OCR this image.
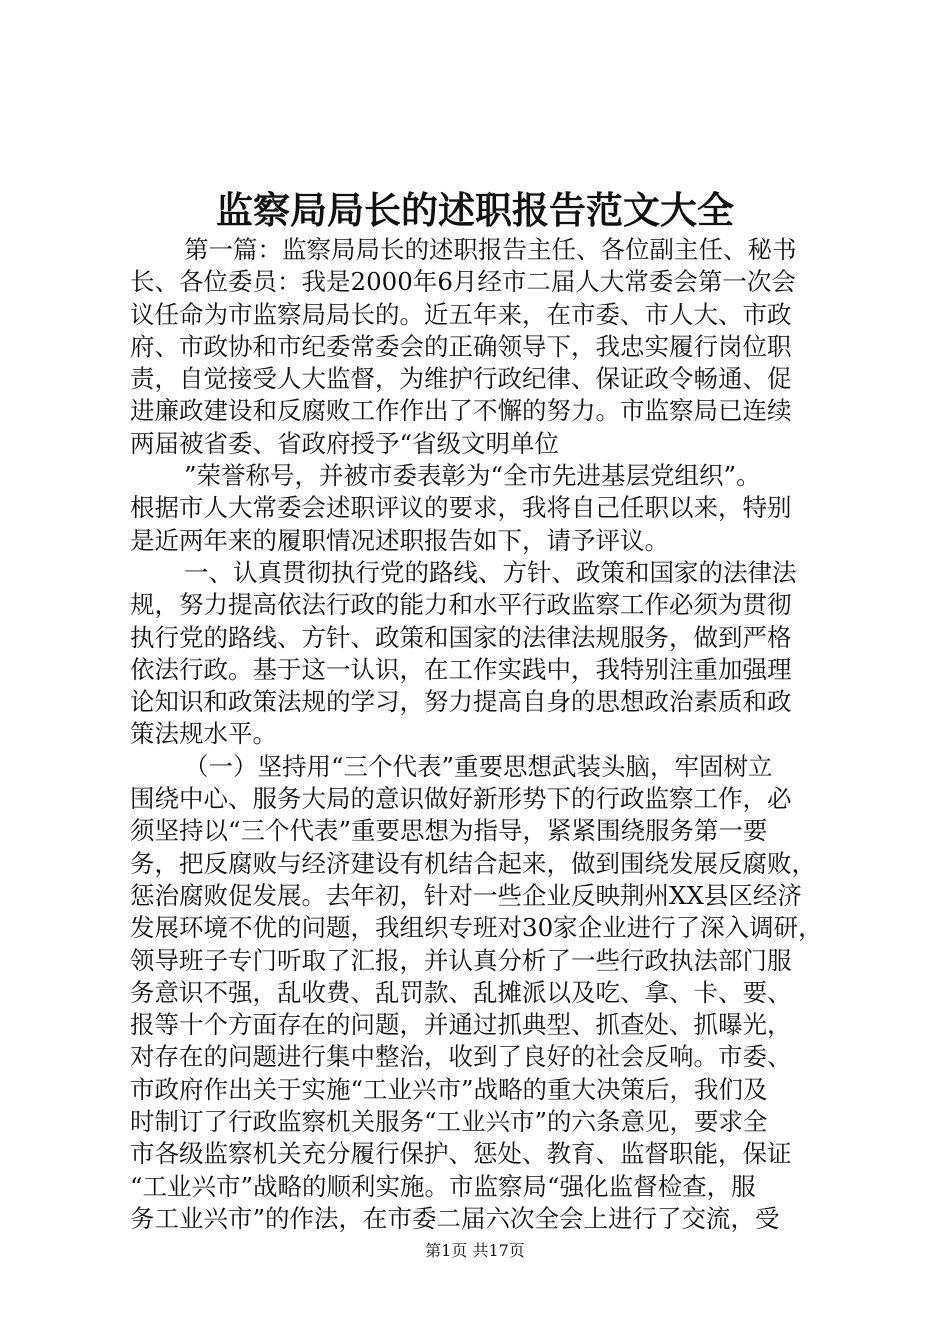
监察局局长的述职报告范文大全
第一篇：监察局局长的述职报告主任、各位副主任、秘书
长、各位委员：我是2000年6月经市二届人大常委会第一次会
议任命为市监察局局长的。近五年来，在市委、市人大、市政
府、市政协和市纪委常委会的正确领导下，我忠实履行岗位职
责，自觉接受人大监督，为维护行政纪律、保证政令畅通、促
进廉政建设和反腐败工作作出了不懈的努力。市监察局已连续
两届被省委、省政府授予“省级文明单位
”荣誉称号，并被市委表彰为“全市先进基层党组织”。
根据市人大常委会述职评议的要求，我将自己任职以来，特别
是近两年来的履职情况述职报告如下，请予评议。
一、认真贯彻执行党的路线、方针、政策和国家的法律法
规，努力提高依法行政的能力和水平行政监察工作必须为贯彻
执行党的路线、方针、政策和国家的法律法规服务，做到严格
依法行政。基于这一认识，在工作实践中，我特别注重加强理
论知识和政策法规的学习，努力提高自身的思想政治素质和政
策法规水平。
（一）坚持用“三个代表”重要思想武装头脑，牢固树立
围绕中心、服务大局的意识做好新形势下的行政监察工作，必
须坚持以“三个代表”重要思想为指导，紧紧围绕服务第一要
务，把反腐败与经济建设有机结合起来，做到围绕发展反腐败，
惩治腐败促发展。去年初，针对一些企业反映荆州XX县区经济
发展环境不优的问题，我组织专班对30家企业进行了深入调研，
领导班子专门听取了汇报，并认真分析了一些行政执法部门服
务意识不强，乱收费、乱罚款、乱摊派以及吃、拿、卡、要、
报等十个方面存在的问题，并通过抓典型、抓查处、抓曝光，
对存在的问题进行集中整治，收到了良好的社会反响。市委、
市政府作出关于实施“工业兴市”战略的重大决策后，我们及
时制订了行政监察机关服务“工业兴市”的六条意见，要求全
市各级监察机关充分履行保护、惩处、教育、监督职能，保证
“工业兴市”战略的顺利实施。市监察局“强化监督检查，服
务工业兴市”的作法，在市委二届六次全会上进行了交流，受
第1页 共17页
